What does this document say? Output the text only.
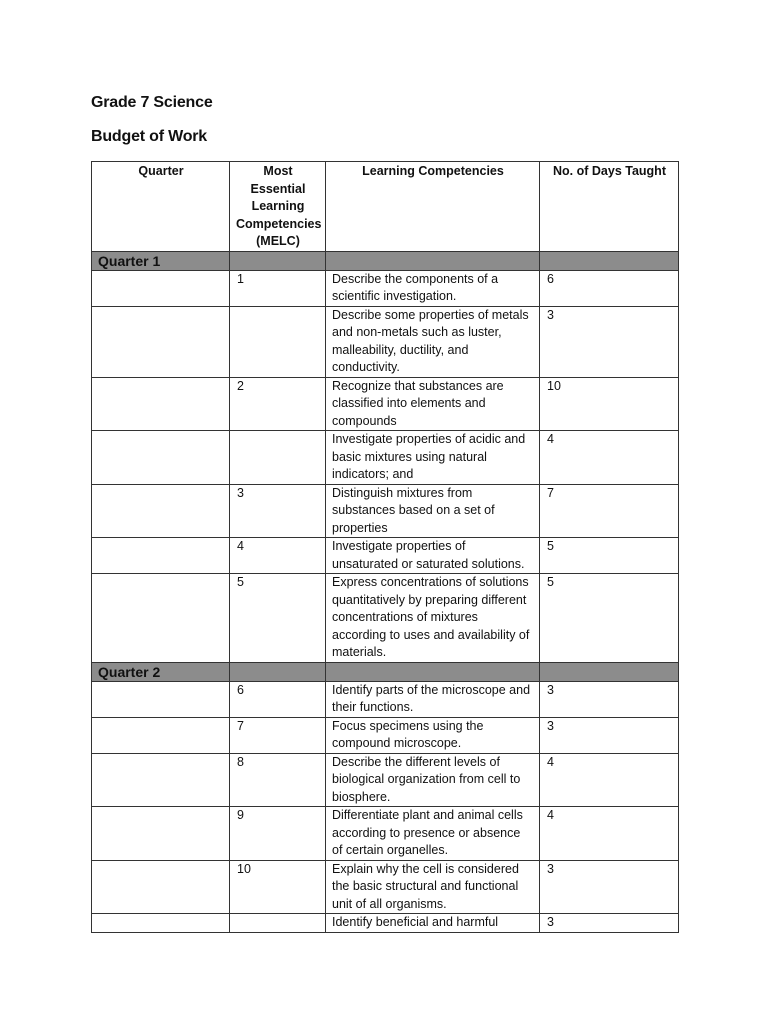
Grade 7 Science
Budget of Work
Quarter	Most Essential Learning Competencies (MELC)	Learning Competencies	No. of Days Taught
Quarter 1			
	1	Describe the components of a scientific investigation.	6
		Describe some properties of metals and non-metals such as luster, malleability, ductility, and conductivity.	3
	2	Recognize that substances are classified into elements and compounds	10
		Investigate properties of acidic and basic mixtures using natural indicators; and	4
	3	Distinguish mixtures from substances based on a set of properties	7
	4	Investigate properties of unsaturated or saturated solutions.	5
	5	Express concentrations of solutions quantitatively by preparing different concentrations of mixtures according to uses and availability of materials.	5
Quarter 2			
	6	Identify parts of the microscope and their functions.	3
	7	Focus specimens using the compound microscope.	3
	8	Describe the different levels of biological organization from cell to biosphere.	4
	9	Differentiate plant and animal cells according to presence or absence of certain organelles.	4
	10	Explain why the cell is considered the basic structural and functional unit of all organisms.	3
		Identify beneficial and harmful	3
